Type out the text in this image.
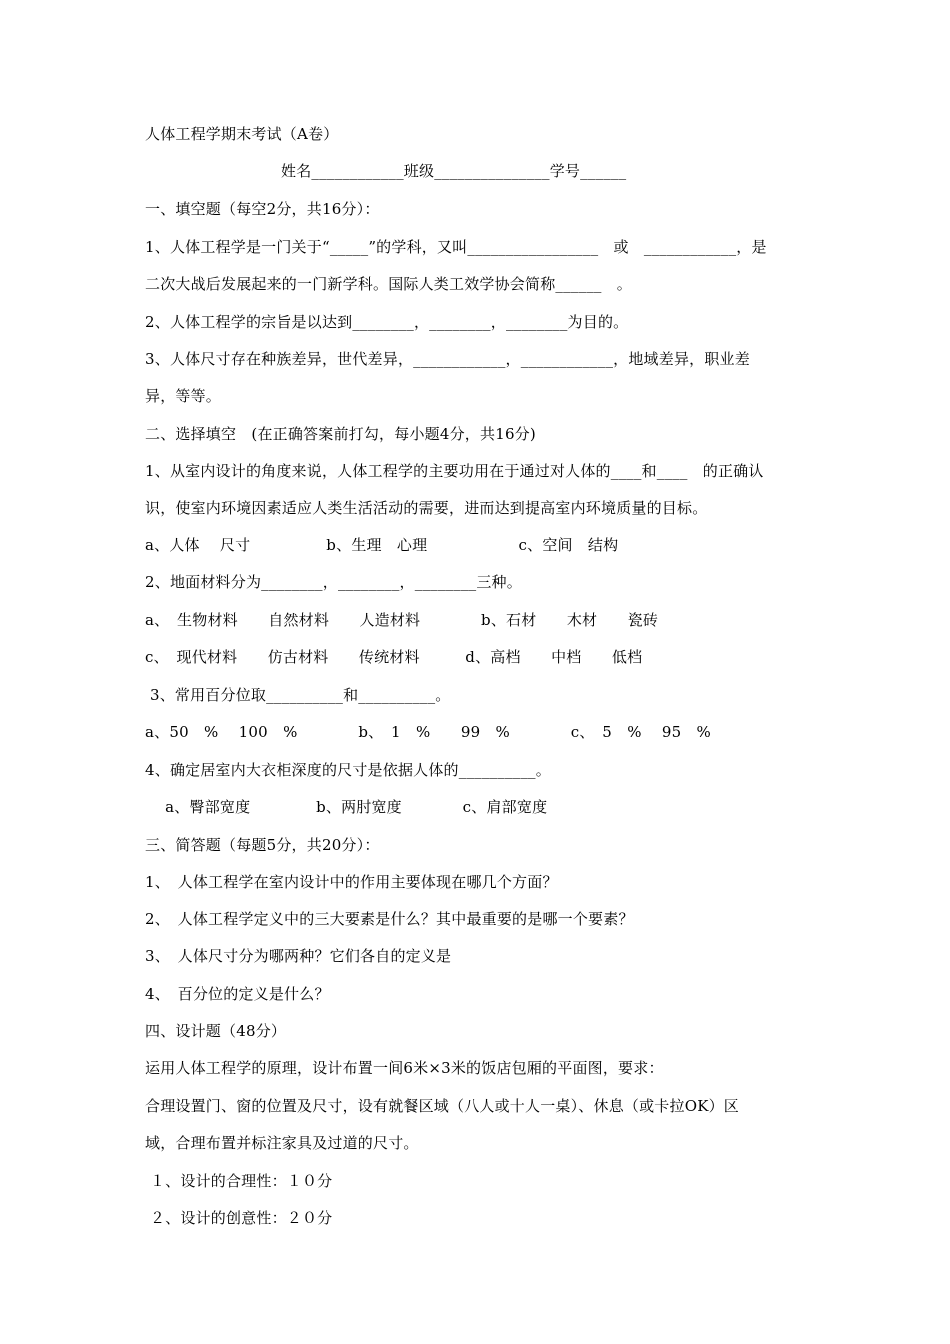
人体工程学期末考试（A卷）
姓名____________班级_______________学号______
一、填空题（每空2分，共16分）：
1、人体工程学是一门关于“_____”的学科，又叫_________________　或　____________，是
二次大战后发展起来的一门新学科。国际人类工效学协会简称______　。
2、人体工程学的宗旨是以达到________，________，________为目的。
3、人体尺寸存在种族差异，世代差异，____________，____________，地域差异，职业差
异，等等。
二、选择填空　(在正确答案前打勾，每小题4分，共16分)
1、从室内设计的角度来说，人体工程学的主要功用在于通过对人体的____和____　的正确认
识，使室内环境因素适应人类生活活动的需要，进而达到提高室内环境质量的目标。
a、人体　 尺寸　　　　　b、生理　心理　　　　　　c、空间　结构
2、地面材料分为________，________，________三种。
a、　生物材料　　自然材料　　人造材料　　　　b、石材　　木材　　瓷砖
c、　现代材料　　仿古材料　　传统材料　　　d、高档　　中档　　低档
3、常用百分位取__________和__________。
a、50　%　 100　%　　　　b、　1　%　　99　%　　　　c、　5　%　 95　%
4、确定居室内大衣柜深度的尺寸是依据人体的__________。
　 a、臀部宽度　　　　 b、两肘宽度　　　　c、肩部宽度
三、简答题（每题5分，共20分）：
1、　人体工程学在室内设计中的作用主要体现在哪几个方面？
2、　人体工程学定义中的三大要素是什么？其中最重要的是哪一个要素？
3、　人体尺寸分为哪两种？它们各自的定义是
4、　百分位的定义是什么？
四、设计题（48分）
运用人体工程学的原理，设计布置一间6米×3米的饭店包厢的平面图，要求：
合理设置门、窗的位置及尺寸，设有就餐区域（八人或十人一桌）、休息（或卡拉OK）区
域，合理布置并标注家具及过道的尺寸。
１、设计的合理性：１０分
２、设计的创意性：２０分
